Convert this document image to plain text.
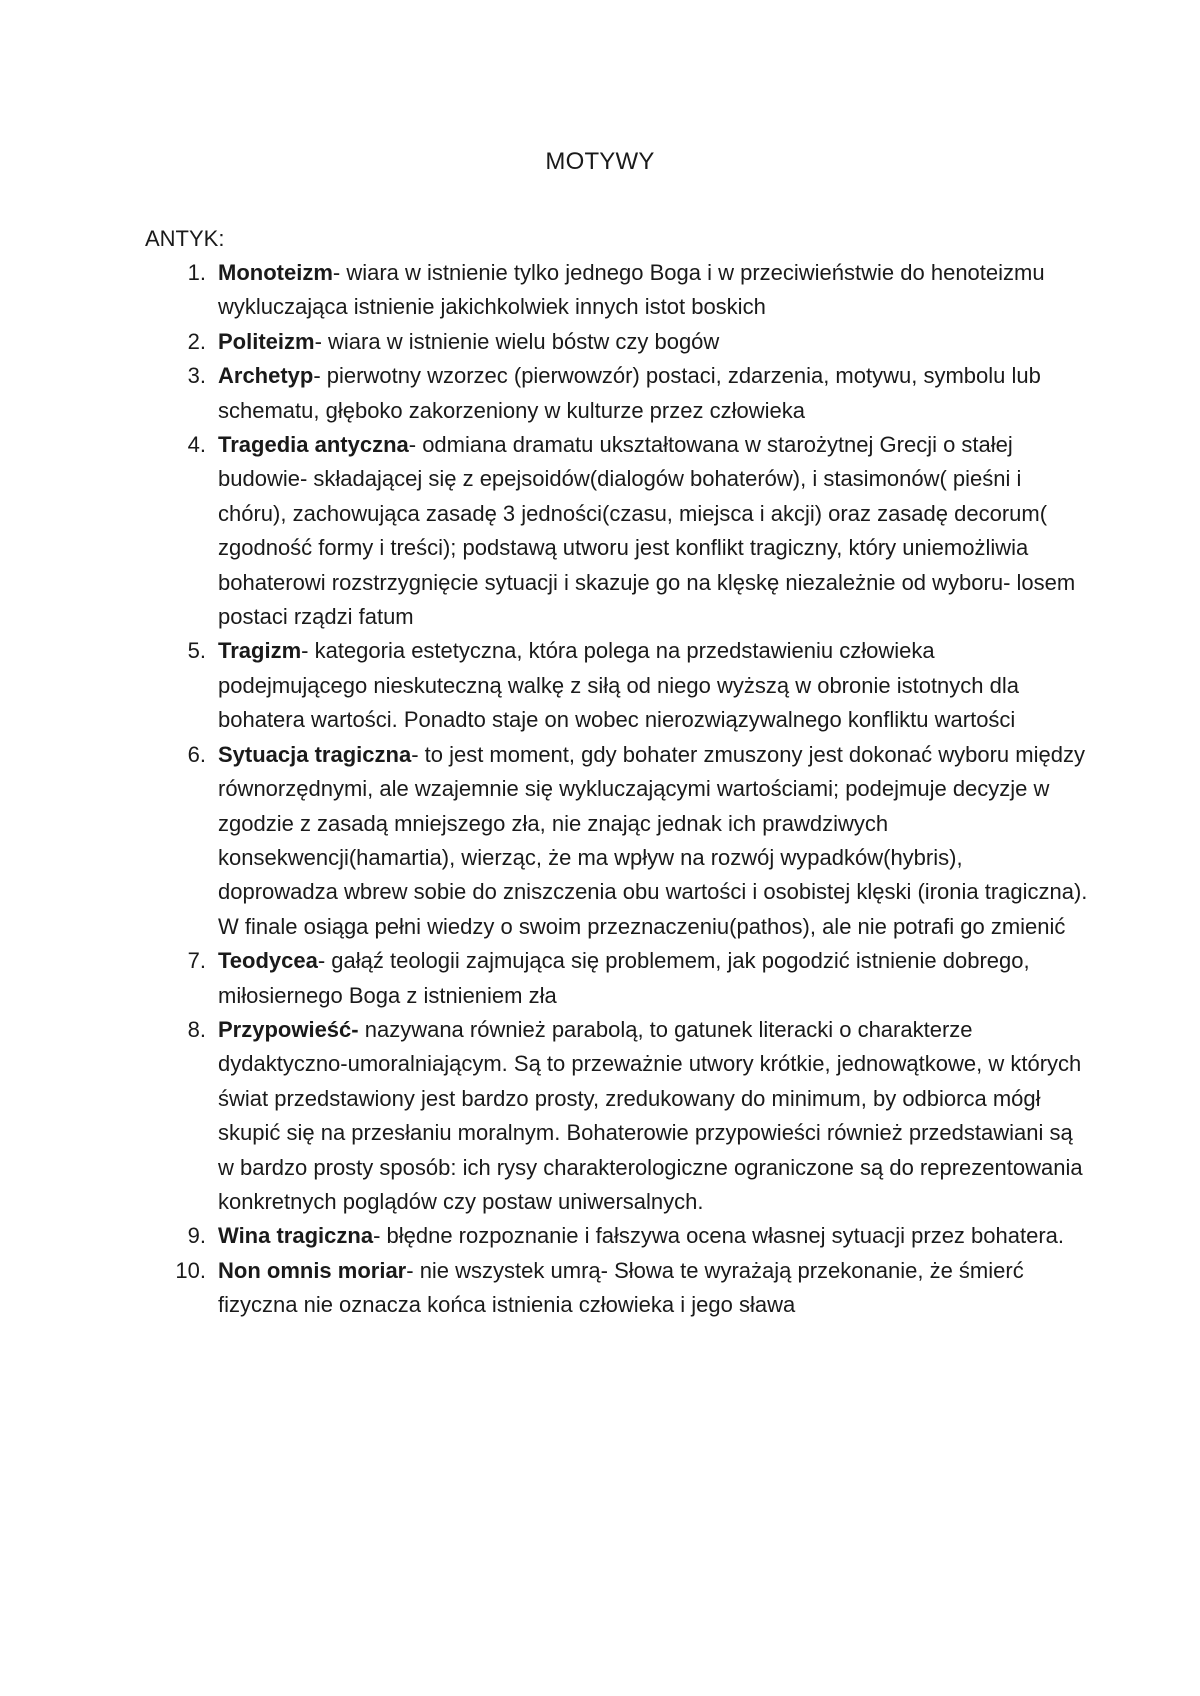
MOTYWY
ANTYK:
1. Monoteizm- wiara w istnienie tylko jednego Boga i w przeciwieństwie do henoteizmu wykluczająca istnienie jakichkolwiek innych istot boskich
2. Politeizm- wiara w istnienie wielu bóstw czy bogów
3. Archetyp- pierwotny wzorzec (pierwowzór) postaci, zdarzenia, motywu, symbolu lub schematu, głęboko zakorzeniony w kulturze przez człowieka
4. Tragedia antyczna- odmiana dramatu ukształtowana w starożytnej Grecji o stałej budowie- składającej się z epejsoidów(dialogów bohaterów), i stasimonów( pieśni i chóru), zachowująca zasadę 3 jedności(czasu, miejsca i akcji) oraz zasadę decorum( zgodność formy i treści); podstawą utworu jest konflikt tragiczny, który uniemożliwia bohaterowi rozstrzygnięcie sytuacji i skazuje go na klęskę niezależnie od wyboru- losem postaci rządzi fatum
5. Tragizm- kategoria estetyczna, która polega na przedstawieniu człowieka podejmującego nieskuteczną walkę z siłą od niego wyższą w obronie istotnych dla bohatera wartości. Ponadto staje on wobec nierozwiązywalnego konfliktu wartości
6. Sytuacja tragiczna- to jest moment, gdy bohater zmuszony jest dokonać wyboru między równorzędnymi, ale wzajemnie się wykluczającymi wartościami; podejmuje decyzje w zgodzie z zasadą mniejszego zła, nie znając jednak ich prawdziwych konsekwencji(hamartia), wierząc, że ma wpływ na rozwój wypadków(hybris), doprowadza wbrew sobie do zniszczenia obu wartości i osobistej klęski (ironia tragiczna). W finale osiąga pełni wiedzy o swoim przeznaczeniu(pathos), ale nie potrafi go zmienić
7. Teodycea- gałąź teologii zajmująca się problemem, jak pogodzić istnienie dobrego, miłosiernego Boga z istnieniem zła
8. Przypowieść- nazywana również parabolą, to gatunek literacki o charakterze dydaktyczno-umoralniającym. Są to przeważnie utwory krótkie, jednowątkowe, w których świat przedstawiony jest bardzo prosty, zredukowany do minimum, by odbiorca mógł skupić się na przesłaniu moralnym. Bohaterowie przypowieści również przedstawiani są w bardzo prosty sposób: ich rysy charakterologiczne ograniczone są do reprezentowania konkretnych poglądów czy postaw uniwersalnych.
9. Wina tragiczna- błędne rozpoznanie i fałszywa ocena własnej sytuacji przez bohatera.
10. Non omnis moriar- nie wszystek umrą- Słowa te wyrażają przekonanie, że śmierć fizyczna nie oznacza końca istnienia człowieka i jego sława
